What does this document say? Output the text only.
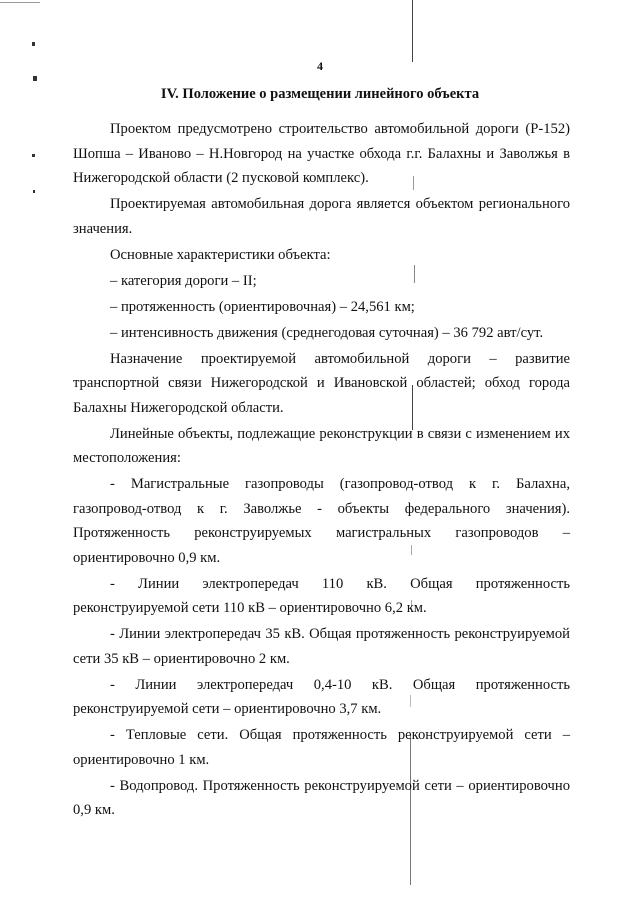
4
IV. Положение о размещении линейного объекта

Проектом предусмотрено строительство автомобильной дороги (Р-152) Шопша – Иваново – Н.Новгород на участке обхода г.г. Балахны и Заволжья в Нижегородской области (2 пусковой комплекс).

Проектируемая автомобильная дорога является объектом регионального значения.

Основные характеристики объекта:

– категория дороги – II;

– протяженность (ориентировочная) – 24,561 км;

– интенсивность движения (среднегодовая суточная) – 36 792 авт/сут.

Назначение проектируемой автомобильной дороги – развитие транспортной связи Нижегородской и Ивановской областей; обход города Балахны Нижегородской области.

Линейные объекты, подлежащие реконструкции в связи с изменением их местоположения:

- Магистральные газопроводы (газопровод-отвод к г. Балахна, газопровод-отвод к г. Заволжье - объекты федерального значения). Протяженность реконструируемых магистральных газопроводов – ориентировочно 0,9 км.

- Линии электропередач 110 кВ. Общая протяженность реконструируемой сети 110 кВ – ориентировочно 6,2 км.

- Линии электропередач 35 кВ. Общая протяженность реконструируемой сети 35 кВ – ориентировочно 2 км.

- Линии электропередач 0,4-10 кВ. Общая протяженность реконструируемой сети – ориентировочно 3,7 км.

- Тепловые сети. Общая протяженность реконструируемой сети – ориентировочно 1 км.

- Водопровод. Протяженность реконструируемой сети – ориентировочно 0,9 км.
